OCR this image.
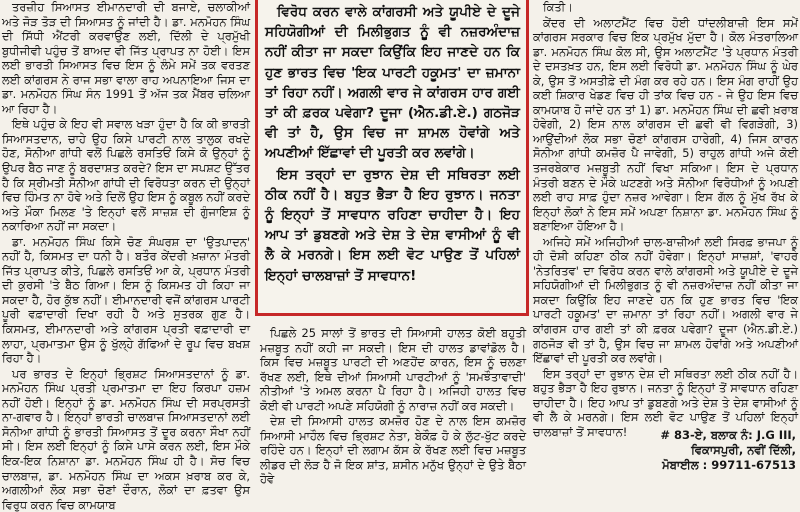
ਤਰਜ਼ੀਹ ਸਿਆਸਤ ਈਮਾਨਦਾਰੀ ਦੀ ਬਜਾਏ, ਚਲਾਕੀਆਂ ਅਤੇ ਜੋੜ ਤੋੜ ਦੀ ਸਿਆਸਤ ਨੂੰ ਜਾਂਦੀ ਹੈ। ਡਾ. ਮਨਮੋਹਨ ਸਿੰਘ ਦੀ ਸਿੱਧੀ ਐਂਟਰੀ ਕਰਵਾਉਣ ਲਈ, ਦਿੱਲੀ ਦੇ ਪ੍ਰਮੁੱਖੀ ਬੁਧੀਜੀਵੀ ਪਹੁੰਚ ਤੋਂ ਬਾਅਦ ਵੀ ਜਿੱਤ ਪ੍ਰਾਪਤ ਨਾ ਹੋਈ। ਇਸ ਲਈ ਭਾਰਤੀ ਸਿਆਸਤ ਵਿਚ ਇਸ ਨੂੰ ਲੰਮੇ ਸਮੇਂ ਤਕ ਵਰਤਣ ਲਈ ਕਾਂਗਰਸ ਨੇ ਰਾਜ ਸਭਾ ਵਾਲਾ ਰਾਹ ਅਪਨਾਇਆ ਜਿਸ ਦਾ ਡਾ. ਮਨਮੋਹਨ ਸਿੰਘ ਸੰਨ 1991 ਤੋਂ ਅੱਜ ਤਕ ਮੈਂਬਰ ਚਲਿਆ ਆ ਰਿਹਾ ਹੈ।

ਇਥੇ ਪਹੁੰਚ ਕੇ ਇਹ ਵੀ ਸਵਾਲ ਖੜਾ ਹੁੰਦਾ ਹੈ ਕਿ ਕੀ ਭਾਰਤੀ ਸਿਆਸਤਦਾਨ, ਚਾਹੇ ਉਹ ਕਿਸੇ ਪਾਰਟੀ ਨਾਲ ਤਾਲੁਕ ਰਖਦੇ ਹੋਣ, ਸੋਨੀਆ ਗਾਂਧੀ ਵਲੋਂ ਪਿਛਲੇ ਰਸਤਿਓਂ ਕਿਸੇ ਕੋ ਉਨ੍ਹਾਂ ਨੂੰ ਉਪਰ ਬੈਠ ਜਾਣ ਨੂੰ ਬਰਦਾਸ਼ਤ ਕਰਦੇ? ਇਸ ਦਾ ਸਪਸ਼ਟ ਉੱਤਰ ਹੈ ਕਿ ਸ੍ਰੀਮਤੀ ਸੋਨੀਆ ਗਾਂਧੀ ਦੀ ਵਿਰੋਧਤਾ ਕਰਨ ਦੀ ਉਨ੍ਹਾਂ ਵਿਚ ਹਿੰਮਤ ਨਾ ਹੋਵੇ ਅਤੇ ਦਿਲੋਂ ਉਹ ਇਸ ਨੂੰ ਕਬੂਲ ਨਹੀਂ ਕਰਦੇ ਅਤੇ ਮੌਕਾ ਮਿਲਣ 'ਤੇ ਇਨ੍ਹਾਂ ਵਲੋਂ ਸਾਜ਼ਸ਼ ਦੀ ਗੁੰਜਾਇਸ਼ ਨੂੰ ਨਕਾਰਿਆ ਨਹੀਂ ਜਾ ਸਕਦਾ।

ਡਾ. ਮਨਮੋਹਨ ਸਿੰਘ ਕਿਸੇ ਚੋਣ ਸੰਘਰਸ਼ ਦਾ 'ਉਤਪਾਦਨ' ਨਹੀਂ ਹੈ, ਕਿਸਮਤ ਦਾ ਧਨੀ ਹੈ। ਬਤੌਰ ਕੇਂਦਰੀ ਖ਼ਜ਼ਾਨਾ ਮੰਤਰੀ ਜਿੱਤ ਪ੍ਰਾਪਤ ਕੀਤੇ, ਪਿਛਲੇ ਰਸਤਿਓਂ ਆ ਕੇ, ਪ੍ਰਧਾਨ ਮੰਤਰੀ ਦੀ ਕੁਰਸੀ 'ਤੇ ਬੈਠ ਗਿਆ। ਇਸ ਨੂੰ ਕਿਸਮਤ ਹੀ ਕਿਹਾ ਜਾ ਸਕਦਾ ਹੈ, ਹੋਰ ਕੁੱਝ ਨਹੀਂ। ਈਮਾਨਦਾਰੀ ਵਜੋਂ ਕਾਂਗਰਸ ਪਾਰਟੀ ਪੂਰੀ ਵਫ਼ਾਦਾਰੀ ਦਿਖਾ ਰਹੀ ਹੈ ਅਤੇ ਸੁਤਰਕ ਗੁਣ ਹੈ। ਕਿਸਮਤ, ਈਮਾਨਦਾਰੀ ਅਤੇ ਕਾਂਗਰਸ ਪ੍ਰਤੀ ਵਫ਼ਾਦਾਰੀ ਦਾ ਲਾਹਾ, ਪ੍ਰਮਾਤਮਾ ਉਸ ਨੂੰ ਖੁੱਲ੍ਹੇ ਗੱਫਿਆਂ ਦੇ ਰੂਪ ਵਿਚ ਬਖਸ਼ ਰਿਹਾ ਹੈ।

ਪਰ ਭਾਰਤ ਦੇ ਇਨ੍ਹਾਂ ਭ੍ਰਿਸ਼ਟ ਸਿਆਸਤਦਾਨਾਂ ਨੂੰ ਡਾ. ਮਨਮੋਹਨ ਸਿੰਘ ਪ੍ਰਤੀ ਪ੍ਰਮਾਤਮਾ ਦਾ ਇਹ ਕਿਰਪਾ ਹਜ਼ਮ ਨਹੀਂ ਹੋਈ। ਇਨ੍ਹਾਂ ਨੂੰ ਡਾ. ਮਨਮੋਹਨ ਸਿੰਘ ਦੀ ਸਰਪ੍ਰਸਤੀ ਨਾ-ਗਵਾਰ ਹੈ। ਇਨ੍ਹਾਂ ਭਾਰਤੀ ਚਾਲਬਾਜ਼ ਸਿਆਸਤਦਾਨਾਂ ਲਈ ਸੋਨੀਆ ਗਾਂਧੀ ਨੂੰ ਭਾਰਤੀ ਸਿਆਸਤ ਤੋਂ ਦੂਰ ਕਰਨਾ ਸੌਖਾ ਨਹੀਂ ਸੀ। ਇਸ ਲਈ ਇਨ੍ਹਾਂ ਨੂੰ ਕਿਸੇ ਪਾਸੇ ਕਰਨ ਲਈ, ਇਸ ਮੌਕੇ ਇਕ-ਇਕ ਨਿਸ਼ਾਨਾ ਡਾ. ਮਨਮੋਹਨ ਸਿੰਘ ਹੀ ਹੈ। ਸੋਚ ਵਿਚ ਚਾਲਬਾਜ਼, ਡਾ. ਮਨਮੋਹਨ ਸਿੰਘ ਦਾ ਅਕਸ ਖ਼ਰਾਬ ਕਰ ਕੇ, ਅਗਲੀਆਂ ਲੋਕ ਸਭਾ ਚੋਣਾਂ ਦੌਰਾਨ, ਲੋਕਾਂ ਦਾ ਫ਼ਤਵਾ ਉਸ ਵਿਰੁਧ ਕਰਨ ਵਿਚ ਕਾਮਯਾਬ

ਵਿਰੋਧ ਕਰਨ ਵਾਲੇ ਕਾਂਗਰਸੀ ਅਤੇ ਯੂਪੀਏ ਦੇ ਦੂਜੇ ਸਹਿਯੋਗੀਆਂ ਦੀ ਮਿਲੀਭੁਗਤ ਨੂੰ ਵੀ ਨਜ਼ਰਅੰਦਾਜ਼ ਨਹੀਂ ਕੀਤਾ ਜਾ ਸਕਦਾ ਕਿਉਂਕਿ ਇਹ ਜਾਣਦੇ ਹਨ ਕਿ ਹੁਣ ਭਾਰਤ ਵਿਚ 'ਇਕ ਪਾਰਟੀ ਹਕੂਮਤ' ਦਾ ਜ਼ਮਾਨਾ ਤਾਂ ਰਿਹਾ ਨਹੀਂ। ਅਗਲੀ ਵਾਰ ਜੇ ਕਾਂਗਰਸ ਹਾਰ ਗਈ ਤਾਂ ਕੀ ਫ਼ਰਕ ਪਵੇਗਾ? ਦੂਜਾ (ਐਨ.ਡੀ.ਏ.) ਗਠਜੋੜ ਵੀ ਤਾਂ ਹੈ, ਉਸ ਵਿਚ ਜਾ ਸ਼ਾਮਲ ਹੋਵਾਂਗੇ ਅਤੇ ਅਪਣੀਆਂ ਇੱਛਾਵਾਂ ਦੀ ਪੂਰਤੀ ਕਰ ਲਵਾਂਗੇ।

ਇਸ ਤਰ੍ਹਾਂ ਦਾ ਰੁਝਾਨ ਦੇਸ਼ ਦੀ ਸਥਿਰਤਾ ਲਈ ਠੀਕ ਨਹੀਂ ਹੈ। ਬਹੁਤ ਭੈੜਾ ਹੈ ਇਹ ਰੁਝਾਨ। ਜਨਤਾ ਨੂੰ ਇਨ੍ਹਾਂ ਤੋਂ ਸਾਵਧਾਨ ਰਹਿਣਾ ਚਾਹੀਦਾ ਹੈ। ਇਹ ਆਪ ਤਾਂ ਡੁਬਣਗੇ ਅਤੇ ਦੇਸ਼ ਤੇ ਦੇਸ਼ ਵਾਸੀਆਂ ਨੂੰ ਵੀ ਲੈ ਕੇ ਮਰਨਗੇ। ਇਸ ਲਈ ਵੋਟ ਪਾਉਣ ਤੋਂ ਪਹਿਲਾਂ ਇਨ੍ਹਾਂ ਚਾਲਬਾਜ਼ਾਂ ਤੋਂ ਸਾਵਧਾਨ!

ਪਿਛਲੇ 25 ਸਾਲਾਂ ਤੋਂ ਭਾਰਤ ਦੀ ਸਿਆਸੀ ਹਾਲਤ ਕੋਈ ਬਹੁਤੀ ਮਜ਼ਬੂਤ ਨਹੀਂ ਕਹੀ ਜਾ ਸਕਦੀ। ਇਸ ਦੀ ਹਾਲਤ ਡਾਵਾਂਡੋਲ ਹੈ। ਕਿਸ ਵਿਚ ਮਜ਼ਬੂਤ ਪਾਰਟੀ ਦੀ ਅਣਹੋਂਦ ਕਾਰਨ, ਇਸ ਨੂੰ ਚਲਣਾ ਰੱਖਣ ਲਈ, ਇਥੇ ਦੀਆਂ ਸਿਆਸੀ ਪਾਰਟੀਆਂ ਨੂੰ 'ਸਮਝੌਤਾਵਾਦੀ' ਨੀਤੀਆਂ 'ਤੇ ਅਮਲ ਕਰਨਾ ਪੈ ਰਿਹਾ ਹੈ। ਅਜਿਹੀ ਹਾਲਤ ਵਿਚ ਕੋਈ ਵੀ ਪਾਰਟੀ ਅਪਣੇ ਸਹਿਯੋਗੀ ਨੂੰ ਨਾਰਾਜ਼ ਨਹੀਂ ਕਰ ਸਕਦੀ।

ਦੇਸ਼ ਦੀ ਸਿਆਸੀ ਹਾਲਤ ਕਮਜ਼ੋਰ ਹੋਣ ਦੇ ਨਾਲ ਇਸ ਕਮਜ਼ੋਰ ਸਿਆਸੀ ਮਾਹੌਲ ਵਿਚ ਭ੍ਰਿਸ਼ਟ ਨੇਤਾ, ਬੇਕੌਫ਼ ਹੋ ਕੇ ਲੁੱਟ-ਖੁੱਟ ਕਰਦੇ ਰਹਿੰਦੇ ਹਨ। ਇਨ੍ਹਾਂ ਦੀ ਲਗਾਮ ਕੱਸ ਕੇ ਰੱਖਣ ਲਈ ਵਿਚ ਮਜ਼ਬੂਤ ਲੀਡਰ ਦੀ ਲੋੜ ਹੈ ਜੋ ਇਕ ਸ਼ਾਂਤ, ਸ਼ਸੀਨ ਮਨੁੱਖ ਉਨ੍ਹਾਂ ਦੇ ਉਤੇ ਬੈਠਾ ਹੋਵੇ

ਕਿਤੀ।

ਕੇਂਦਰ ਦੀ ਅਲਾਟਮੈਂਟ ਵਿਚ ਹੋਈ ਧਾਂਦਲੀਬਾਜ਼ੀ ਇਸ ਸਮੇਂ ਕਾਂਗਰਸ ਸਰਕਾਰ ਵਿਚ ਇਕ ਪ੍ਰਮੁੱਖ ਮੁੱਦਾ ਹੈ। ਕੋਲ ਮੰਤਰਾਲਿਆ ਡਾ. ਮਨਮੋਹਨ ਸਿੰਘ ਕੋਲ ਸੀ, ਉਸ ਅਲਾਟਮੈਂਟ 'ਤੇ ਪ੍ਰਧਾਨ ਮੰਤਰੀ ਦੇ ਦਸਤਖ਼ਤ ਹਨ, ਇਸ ਲਈ ਵਿਰੋਧੀ ਡਾ. ਮਨਮੋਹਨ ਸਿੰਘ ਨੂੰ ਘੇਰ ਕੇ, ਉਸ ਤੋਂ ਅਸਤੀਫ਼ੇ ਦੀ ਮੰਗ ਕਰ ਰਹੇ ਹਨ। ਇਸ ਮੰਗ ਰਾਹੀਂ ਉਹ ਕਈ ਸ਼ਿਕਾਰ ਖੇਡਣ ਵਿਚ ਹੀ ਤਾਂਕ ਵਿਚ ਹਨ - ਜੇ ਉਹ ਇਸ ਵਿਚ ਕਾਮਯਾਬ ਹੋ ਜਾਂਦੇ ਹਨ ਤਾਂ 1) ਡਾ. ਮਨਮੋਹਨ ਸਿੰਘ ਦੀ ਛਵੀ ਖ਼ਰਾਬ ਹੋਵੇਗੀ, 2) ਇਸ ਨਾਲ ਕਾਂਗਰਸ ਦੀ ਛਵੀ ਵੀ ਵਿਗੜੇਗੀ, 3) ਆਉਂਦੀਆਂ ਲੋਕ ਸਭਾ ਚੋਣਾਂ ਕਾਂਗਰਸ ਹਾਰੇਗੀ, 4) ਜਿਸ ਕਾਰਨ ਸੋਨੀਆ ਗਾਂਧੀ ਕਮਜ਼ੋਰ ਪੈ ਜਾਵੇਗੀ, 5) ਰਾਹੁਲ ਗਾਂਧੀ ਅਜੇ ਕੋਈ ਤਜਰਬੇਕਾਰ ਮਜ਼ਬੂਤੀ ਨਹੀਂ ਵਿਖਾ ਸਕਿਆ। ਇਸ ਦੇ ਪ੍ਰਧਾਨ ਮੰਤਰੀ ਬਣਨ ਦੇ ਮੌਕੇ ਘਟਣਗੇ ਅਤੇ ਸੋਨੀਆ ਵਿਰੋਧੀਆਂ ਨੂੰ ਅਪਣੀ ਲਈ ਰਾਹ ਸਾਫ਼ ਹੁੰਦਾ ਨਜ਼ਰ ਆਵੇਗਾ। ਇਸ ਗੱਲ ਨੂੰ ਮੁੱਖ ਰੱਖ ਕੇ ਇਨ੍ਹਾਂ ਲੋਕਾਂ ਨੇ ਇਸ ਸਮੇਂ ਅਪਣਾ ਨਿਸ਼ਾਨਾ ਡਾ. ਮਨਮੋਹਨ ਸਿੰਘ ਨੂੰ ਬਣਾਇਆ ਹੋਇਆ ਹੈ।

ਅਜਿਹੇ ਸਮੇਂ ਅਜਿਹੀਆਂ ਚਾਲ-ਬਾਜ਼ੀਆਂ ਲਈ ਸਿਰਫ਼ ਭਾਜਪਾ ਨੂੰ ਹੀ ਦੋਸ਼ੀ ਕਹਿਣਾ ਠੀਕ ਨਹੀਂ ਹੋਵੇਗਾ। ਇਨ੍ਹਾਂ ਸਾਜ਼ਸ਼ਾਂ, 'ਵਾਹਰੇ 'ਨੇਤਰਿਤਵ' ਦਾ ਵਿਰੋਧ ਕਰਨ ਵਾਲੇ ਕਾਂਗਰਸੀ ਅਤੇ ਯੂਪੀਏ ਦੇ ਦੂਜੇ ਸਹਿਯੋਗੀਆਂ ਦੀ ਮਿਲੀਭੁਗਤ ਨੂੰ ਵੀ ਨਜ਼ਰਅੰਦਾਜ਼ ਨਹੀਂ ਕੀਤਾ ਜਾ ਸਕਦਾ ਕਿਉਂਕਿ ਇਹ ਜਾਣਦੇ ਹਨ ਕਿ ਹੁਣ ਭਾਰਤ ਵਿਚ 'ਇਕ ਪਾਰਟੀ ਹਕੂਮਤ' ਦਾ ਜ਼ਮਾਨਾ ਤਾਂ ਰਿਹਾ ਨਹੀਂ। ਅਗਲੀ ਵਾਰ ਜੇ ਕਾਂਗਰਸ ਹਾਰ ਗਈ ਤਾਂ ਕੀ ਫ਼ਰਕ ਪਵੇਗਾ? ਦੂਜਾ (ਐਨ.ਡੀ.ਏ.) ਗਠਜੋੜ ਵੀ ਤਾਂ ਹੈ, ਉਸ ਵਿਚ ਜਾ ਸ਼ਾਮਲ ਹੋਵਾਂਗੇ ਅਤੇ ਅਪਣੀਆਂ ਇੱਛਾਵਾਂ ਦੀ ਪੂਰਤੀ ਕਰ ਲਵਾਂਗੇ।

ਇਸ ਤਰ੍ਹਾਂ ਦਾ ਰੁਝਾਨ ਦੇਸ਼ ਦੀ ਸਥਿਰਤਾ ਲਈ ਠੀਕ ਨਹੀਂ ਹੈ। ਬਹੁਤ ਭੈੜਾ ਹੈ ਇਹ ਰੁਝਾਨ। ਜਨਤਾ ਨੂੰ ਇਨ੍ਹਾਂ ਤੋਂ ਸਾਵਧਾਨ ਰਹਿਣਾ ਚਾਹੀਦਾ ਹੈ। ਇਹ ਆਪ ਤਾਂ ਡੁਬਣਗੇ ਅਤੇ ਦੇਸ਼ ਤੇ ਦੇਸ਼ ਵਾਸੀਆਂ ਨੂੰ ਵੀ ਲੈ ਕੇ ਮਰਨਗੇ। ਇਸ ਲਈ ਵੋਟ ਪਾਉਣ ਤੋਂ ਪਹਿਲਾਂ ਇਨ੍ਹਾਂ ਚਾਲਬਾਜ਼ਾਂ ਤੋਂ ਸਾਵਧਾਨ!	# 83-ਏ, ਬਲਾਕ ਨੰ: J.G III,
ਵਿਕਾਸਪੁਰੀ, ਨਵੀਂ ਦਿੱਲੀ,
ਮੋਬਾਈਲ : 99711-67513
